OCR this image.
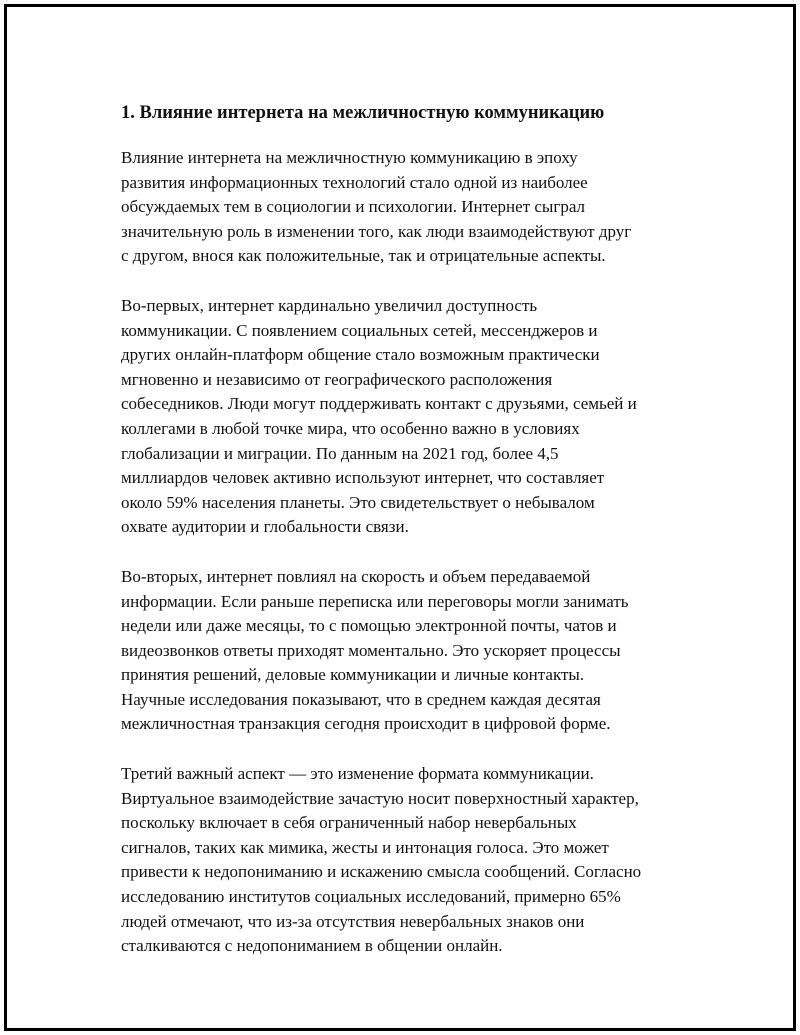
1. Влияние интернета на межличностную коммуникацию

Влияние интернета на межличностную коммуникацию в эпоху
развития информационных технологий стало одной из наиболее
обсуждаемых тем в социологии и психологии. Интернет сыграл
значительную роль в изменении того, как люди взаимодействуют друг
с другом, внося как положительные, так и отрицательные аспекты.

Во-первых, интернет кардинально увеличил доступность
коммуникации. С появлением социальных сетей, мессенджеров и
других онлайн-платформ общение стало возможным практически
мгновенно и независимо от географического расположения
собеседников. Люди могут поддерживать контакт с друзьями, семьей и
коллегами в любой точке мира, что особенно важно в условиях
глобализации и миграции. По данным на 2021 год, более 4,5
миллиардов человек активно используют интернет, что составляет
около 59% населения планеты. Это свидетельствует о небывалом
охвате аудитории и глобальности связи.

Во-вторых, интернет повлиял на скорость и объем передаваемой
информации. Если раньше переписка или переговоры могли занимать
недели или даже месяцы, то с помощью электронной почты, чатов и
видеозвонков ответы приходят моментально. Это ускоряет процессы
принятия решений, деловые коммуникации и личные контакты.
Научные исследования показывают, что в среднем каждая десятая
межличностная транзакция сегодня происходит в цифровой форме.

Третий важный аспект — это изменение формата коммуникации.
Виртуальное взаимодействие зачастую носит поверхностный характер,
поскольку включает в себя ограниченный набор невербальных
сигналов, таких как мимика, жесты и интонация голоса. Это может
привести к недопониманию и искажению смысла сообщений. Согласно
исследованию институтов социальных исследований, примерно 65%
людей отмечают, что из-за отсутствия невербальных знаков они
сталкиваются с недопониманием в общении онлайн.
